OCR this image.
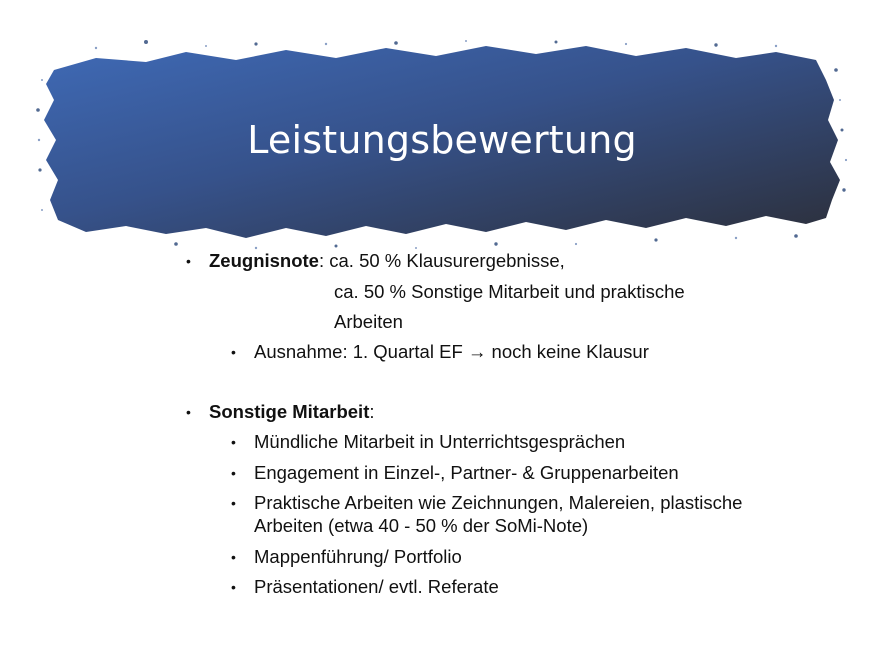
Leistungsbewertung
• Zeugnisnote: ca. 50 % Klausurergebnisse,
ca. 50 % Sonstige Mitarbeit und praktische
Arbeiten
• Ausnahme: 1. Quartal EF → noch keine Klausur
• Sonstige Mitarbeit:
• Mündliche Mitarbeit in Unterrichtsgesprächen
• Engagement in Einzel-, Partner- & Gruppenarbeiten
• Praktische Arbeiten wie Zeichnungen, Malereien, plastische
Arbeiten (etwa 40 - 50 % der SoMi-Note)
• Mappenführung/ Portfolio
• Präsentationen/ evtl. Referate
